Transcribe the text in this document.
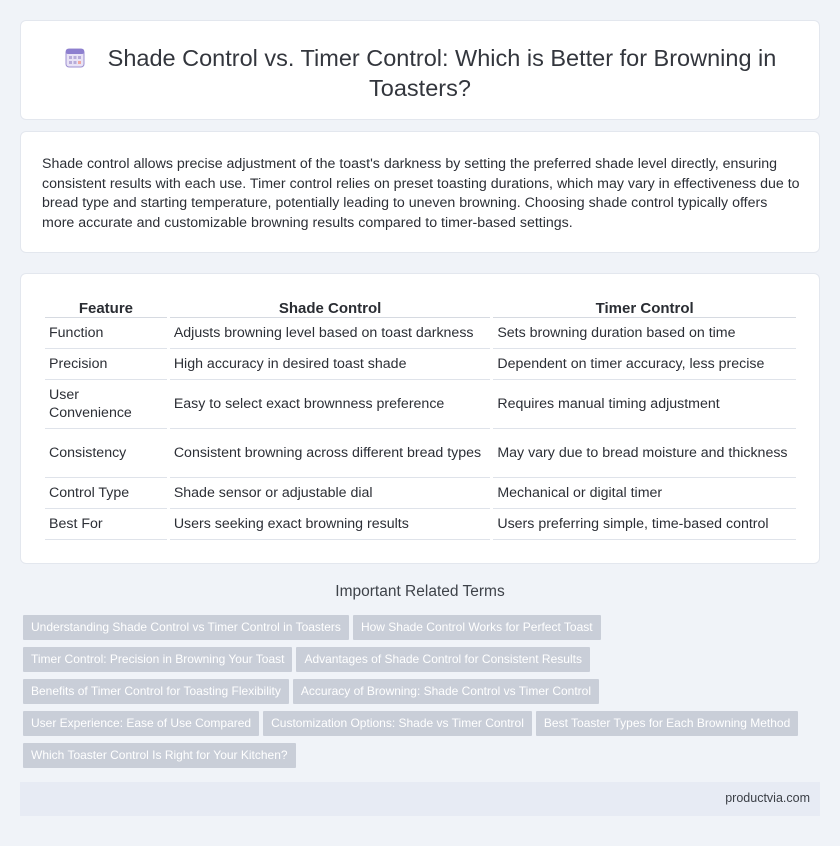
Shade Control vs. Timer Control: Which is Better for Browning in Toasters?

Shade control allows precise adjustment of the toast's darkness by setting the preferred shade level directly, ensuring consistent results with each use. Timer control relies on preset toasting durations, which may vary in effectiveness due to bread type and starting temperature, potentially leading to uneven browning. Choosing shade control typically offers more accurate and customizable browning results compared to timer-based settings.

Feature	Shade Control	Timer Control
Function	Adjusts browning level based on toast darkness	Sets browning duration based on time
Precision	High accuracy in desired toast shade	Dependent on timer accuracy, less precise
User Convenience	Easy to select exact brownness preference	Requires manual timing adjustment
Consistency	Consistent browning across different bread types	May vary due to bread moisture and thickness
Control Type	Shade sensor or adjustable dial	Mechanical or digital timer
Best For	Users seeking exact browning results	Users preferring simple, time-based control
Important Related Terms
Understanding Shade Control vs Timer Control in Toasters How Shade Control Works for Perfect Toast
Timer Control: Precision in Browning Your Toast Advantages of Shade Control for Consistent Results
Benefits of Timer Control for Toasting Flexibility Accuracy of Browning: Shade Control vs Timer Control
User Experience: Ease of Use Compared Customization Options: Shade vs Timer Control Best Toaster Types for Each Browning Method
Which Toaster Control Is Right for Your Kitchen?
productvia.com
